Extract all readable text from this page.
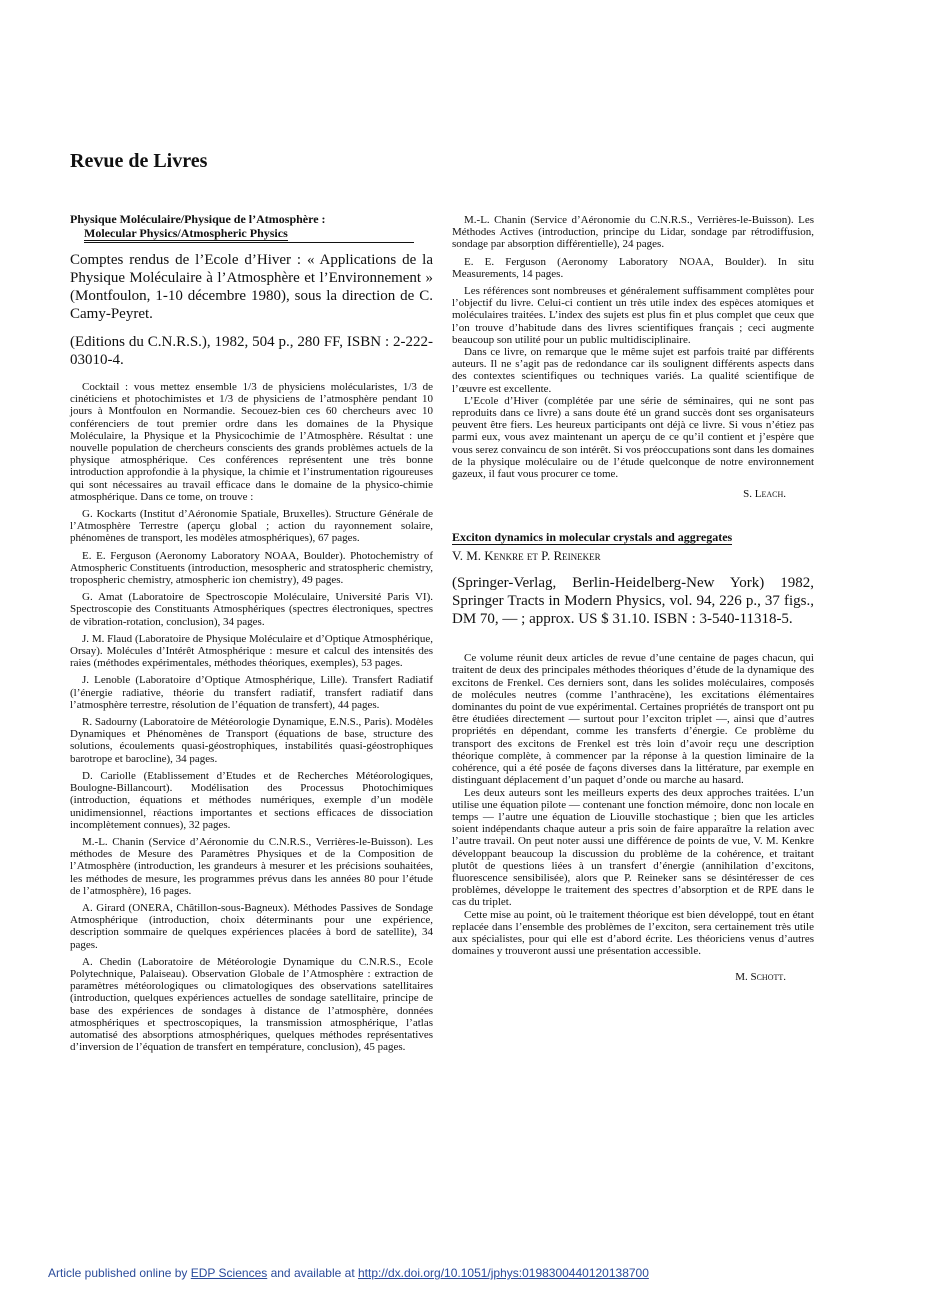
Revue de Livres
Physique Moléculaire/Physique de l’Atmosphère :
Molecular Physics/Atmospheric Physics
Comptes rendus de l’Ecole d’Hiver : « Applications de la Physique Moléculaire à l’Atmosphère et l’Environnement » (Montfoulon, 1-10 décembre 1980), sous la direction de C. Camy-Peyret.
(Editions du C.N.R.S.), 1982, 504 p., 280 FF, ISBN : 2-222-03010-4.

Cocktail : vous mettez ensemble 1/3 de physiciens molécularistes, 1/3 de cinéticiens et photochimistes et 1/3 de physiciens de l’atmosphère pendant 10 jours à Montfoulon en Normandie. Secouez-bien ces 60 chercheurs avec 10 conférenciers de tout premier ordre dans les domaines de la Physique Moléculaire, la Physique et la Physicochimie de l’Atmosphère. Résultat : une nouvelle population de chercheurs conscients des grands problèmes actuels de la physique atmosphérique. Ces conférences représentent une très bonne introduction approfondie à la physique, la chimie et l’instrumentation rigoureuses qui sont nécessaires au travail efficace dans le domaine de la physico-chimie atmosphérique. Dans ce tome, on trouve :

G. Kockarts (Institut d’Aéronomie Spatiale, Bruxelles). Structure Générale de l’Atmosphère Terrestre (aperçu global ; action du rayonnement solaire, phénomènes de transport, les modèles atmosphériques), 67 pages.

E. E. Ferguson (Aeronomy Laboratory NOAA, Boulder). Photochemistry of Atmospheric Constituents (introduction, mesospheric and stratospheric chemistry, tropospheric chemistry, atmospheric ion chemistry), 49 pages.

G. Amat (Laboratoire de Spectroscopie Moléculaire, Université Paris VI). Spectroscopie des Constituants Atmosphériques (spectres électroniques, spectres de vibration-rotation, conclusion), 34 pages.

J. M. Flaud (Laboratoire de Physique Moléculaire et d’Optique Atmosphérique, Orsay). Molécules d’Intérêt Atmosphérique : mesure et calcul des intensités des raies (méthodes expérimentales, méthodes théoriques, exemples), 53 pages.

J. Lenoble (Laboratoire d’Optique Atmosphérique, Lille). Transfert Radiatif (l’énergie radiative, théorie du transfert radiatif, transfert radiatif dans l’atmosphère terrestre, résolution de l’équation de transfert), 44 pages.

R. Sadourny (Laboratoire de Météorologie Dynamique, E.N.S., Paris). Modèles Dynamiques et Phénomènes de Transport (équations de base, structure des solutions, écoulements quasi-géostrophiques, instabilités quasi-géostrophiques barotrope et barocline), 34 pages.

D. Cariolle (Etablissement d’Etudes et de Recherches Météorologiques, Boulogne-Billancourt). Modélisation des Processus Photochimiques (introduction, équations et méthodes numériques, exemple d’un modèle unidimensionnel, réactions importantes et sections efficaces de dissociation incomplètement connues), 32 pages.

M.-L. Chanin (Service d’Aéronomie du C.N.R.S., Verrières-le-Buisson). Les méthodes de Mesure des Paramètres Physiques et de la Composition de l’Atmosphère (introduction, les grandeurs à mesurer et les précisions souhaitées, les méthodes de mesure, les programmes prévus dans les années 80 pour l’étude de l’atmosphère), 16 pages.

A. Girard (ONERA, Châtillon-sous-Bagneux). Méthodes Passives de Sondage Atmosphérique (introduction, choix déterminants pour une expérience, description sommaire de quelques expériences placées à bord de satellite), 34 pages.

A. Chedin (Laboratoire de Météorologie Dynamique du C.N.R.S., Ecole Polytechnique, Palaiseau). Observation Globale de l’Atmosphère : extraction de paramètres météorologiques ou climatologiques des observations satellitaires (introduction, quelques expériences actuelles de sondage satellitaire, principe de base des expériences de sondages à distance de l’atmosphère, données atmosphériques et spectroscopiques, la transmission atmosphérique, l’atlas automatisé des absorptions atmosphériques, quelques méthodes représentatives d’inversion de l’équation de transfert en température, conclusion), 45 pages.

M.-L. Chanin (Service d’Aéronomie du C.N.R.S., Verrières-le-Buisson). Les Méthodes Actives (introduction, principe du Lidar, sondage par rétrodiffusion, sondage par absorption différentielle), 24 pages.

E. E. Ferguson (Aeronomy Laboratory NOAA, Boulder). In situ Measurements, 14 pages.

Les références sont nombreuses et généralement suffisamment complètes pour l’objectif du livre. Celui-ci contient un très utile index des espèces atomiques et moléculaires traitées. L’index des sujets est plus fin et plus complet que ceux que l’on trouve d’habitude dans des livres scientifiques français ; ceci augmente beaucoup son utilité pour un public multidisciplinaire.

Dans ce livre, on remarque que le même sujet est parfois traité par différents auteurs. Il ne s’agit pas de redondance car ils soulignent différents aspects dans des contextes scientifiques ou techniques variés. La qualité scientifique de l’œuvre est excellente.

L’Ecole d’Hiver (complétée par une série de séminaires, qui ne sont pas reproduits dans ce livre) a sans doute été un grand succès dont ses organisateurs peuvent être fiers. Les heureux participants ont déjà ce livre. Si vous n’étiez pas parmi eux, vous avez maintenant un aperçu de ce qu’il contient et j’espère que vous serez convaincu de son intérêt. Si vos préoccupations sont dans les domaines de la physique moléculaire ou de l’étude quelconque de notre environnement gazeux, il faut vous procurer ce tome.

S. Leach.
Exciton dynamics in molecular crystals and aggregates
V. M. Kenkre et P. Reineker
(Springer-Verlag, Berlin-Heidelberg-New York) 1982, Springer Tracts in Modern Physics, vol. 94, 226 p., 37 figs., DM 70, — ; approx. US $ 31.10. ISBN : 3-540-11318-5.

Ce volume réunit deux articles de revue d’une centaine de pages chacun, qui traitent de deux des principales méthodes théoriques d’étude de la dynamique des excitons de Frenkel. Ces derniers sont, dans les solides moléculaires, composés de molécules neutres (comme l’anthracène), les excitations élémentaires dominantes du point de vue expérimental. Certaines propriétés de transport ont pu être étudiées directement — surtout pour l’exciton triplet —, ainsi que d’autres propriétés en dépendant, comme les transferts d’énergie. Ce problème du transport des excitons de Frenkel est très loin d’avoir reçu une description théorique complète, à commencer par la réponse à la question liminaire de la cohérence, qui a été posée de façons diverses dans la littérature, par exemple en distinguant déplacement d’un paquet d’onde ou marche au hasard.

Les deux auteurs sont les meilleurs experts des deux approches traitées. L’un utilise une équation pilote — contenant une fonction mémoire, donc non locale en temps — l’autre une équation de Liouville stochastique ; bien que les articles soient indépendants chaque auteur a pris soin de faire apparaître la relation avec l’autre travail. On peut noter aussi une différence de points de vue, V. M. Kenkre développant beaucoup la discussion du problème de la cohérence, et traitant plutôt de questions liées à un transfert d’énergie (annihilation d’excitons, fluorescence sensibilisée), alors que P. Reineker sans se désintéresser de ces problèmes, développe le traitement des spectres d’absorption et de RPE dans le cas du triplet.

Cette mise au point, où le traitement théorique est bien développé, tout en étant replacée dans l’ensemble des problèmes de l’exciton, sera certainement très utile aux spécialistes, pour qui elle est d’abord écrite. Les théoriciens venus d’autres domaines y trouveront aussi une présentation accessible.

M. Schott.
Article published online by EDP Sciences and available at http://dx.doi.org/10.1051/jphys:0198300440120138700
